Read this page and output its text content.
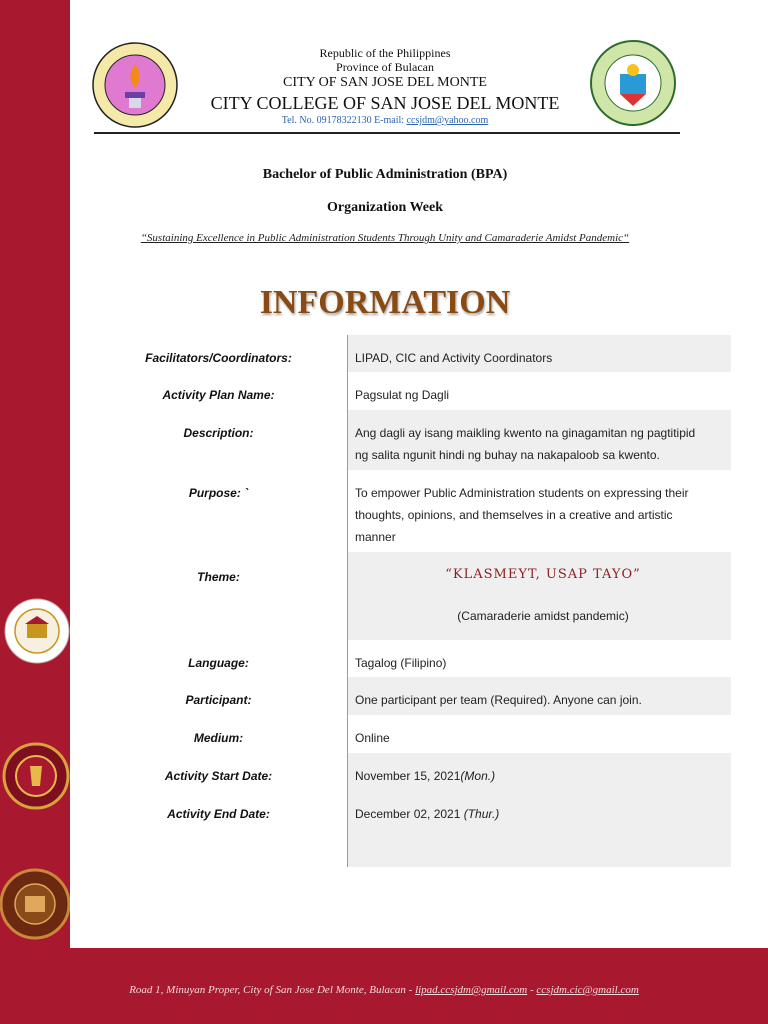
Republic of the Philippines
Province of Bulacan
CITY OF SAN JOSE DEL MONTE
CITY COLLEGE OF SAN JOSE DEL MONTE
Tel. No. 09178322130 E-mail: ccsjdm@yahoo.com
Bachelor of Public Administration (BPA)
Organization Week
“Sustaining Excellence in Public Administration Students Through Unity and Camaraderie Amidst Pandemic“
INFORMATION
Facilitators/Coordinators:	LIPAD, CIC and Activity Coordinators
Activity Plan Name:	Pagsulat ng Dagli
Description:	Ang dagli ay isang maikling kwento na ginagamitan ng pagtitipid
ng salita ngunit hindi ng buhay na nakapaloob sa kwento.
Purpose: `	To empower Public Administration students on expressing their
thoughts, opinions, and themselves in a creative and artistic
manner
Theme:	“KLASMEYT, USAP TAYO”
(Camaraderie amidst pandemic)
Language:	Tagalog (Filipino)
Participant:	One participant per team (Required). Anyone can join.
Medium:	Online
Activity Start Date:	November 15, 2021(Mon.)
Activity End Date:	December 02, 2021 (Thur.)
Road 1, Minuyan Proper, City of San Jose Del Monte, Bulacan - lipad.ccsjdm@gmail.com - ccsjdm.cic@gmail.com
